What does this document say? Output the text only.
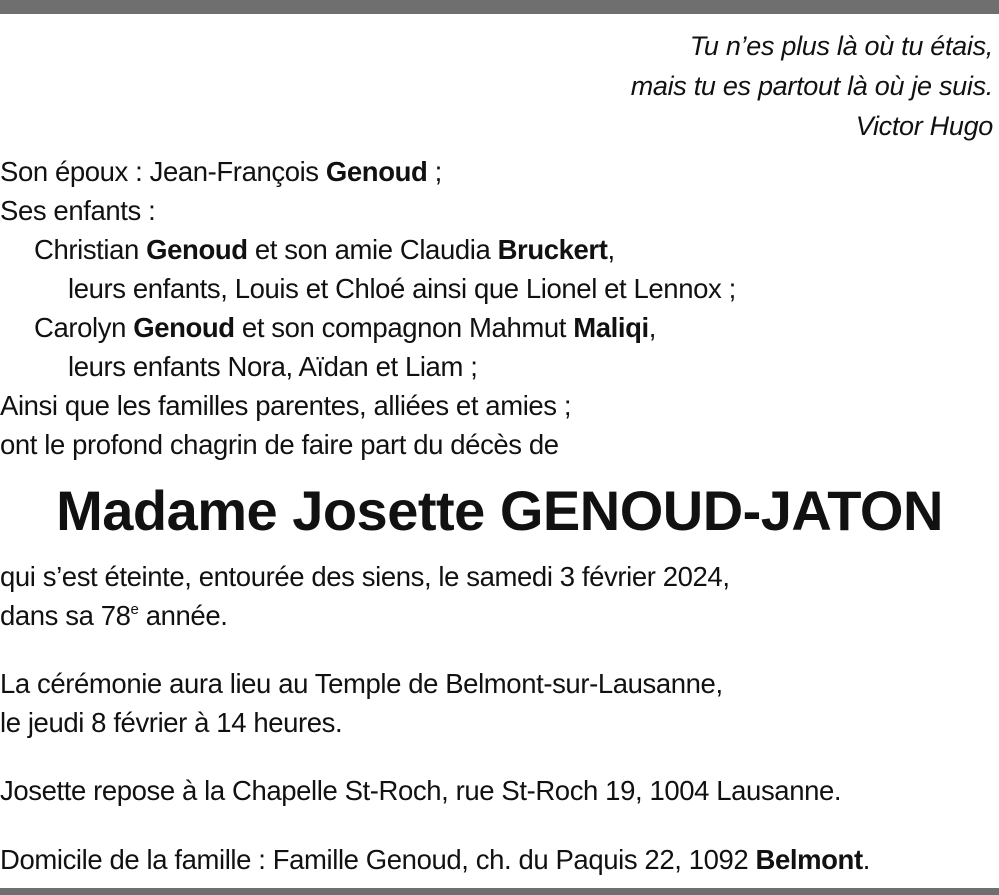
Tu n’es plus là où tu étais,
mais tu es partout là où je suis.
Victor Hugo
Son époux : Jean-François Genoud ;
Ses enfants :
Christian Genoud et son amie Claudia Bruckert,
leurs enfants, Louis et Chloé ainsi que Lionel et Lennox ;
Carolyn Genoud et son compagnon Mahmut Maliqi,
leurs enfants Nora, Aïdan et Liam ;
Ainsi que les familles parentes, alliées et amies ;
ont le profond chagrin de faire part du décès de
Madame Josette GENOUD-JATON
qui s’est éteinte, entourée des siens, le samedi 3 février 2024,
dans sa 78e année.
La cérémonie aura lieu au Temple de Belmont-sur-Lausanne,
le jeudi 8 février à 14 heures.
Josette repose à la Chapelle St-Roch, rue St-Roch 19, 1004 Lausanne.
Domicile de la famille : Famille Genoud, ch. du Paquis 22, 1092 Belmont.
